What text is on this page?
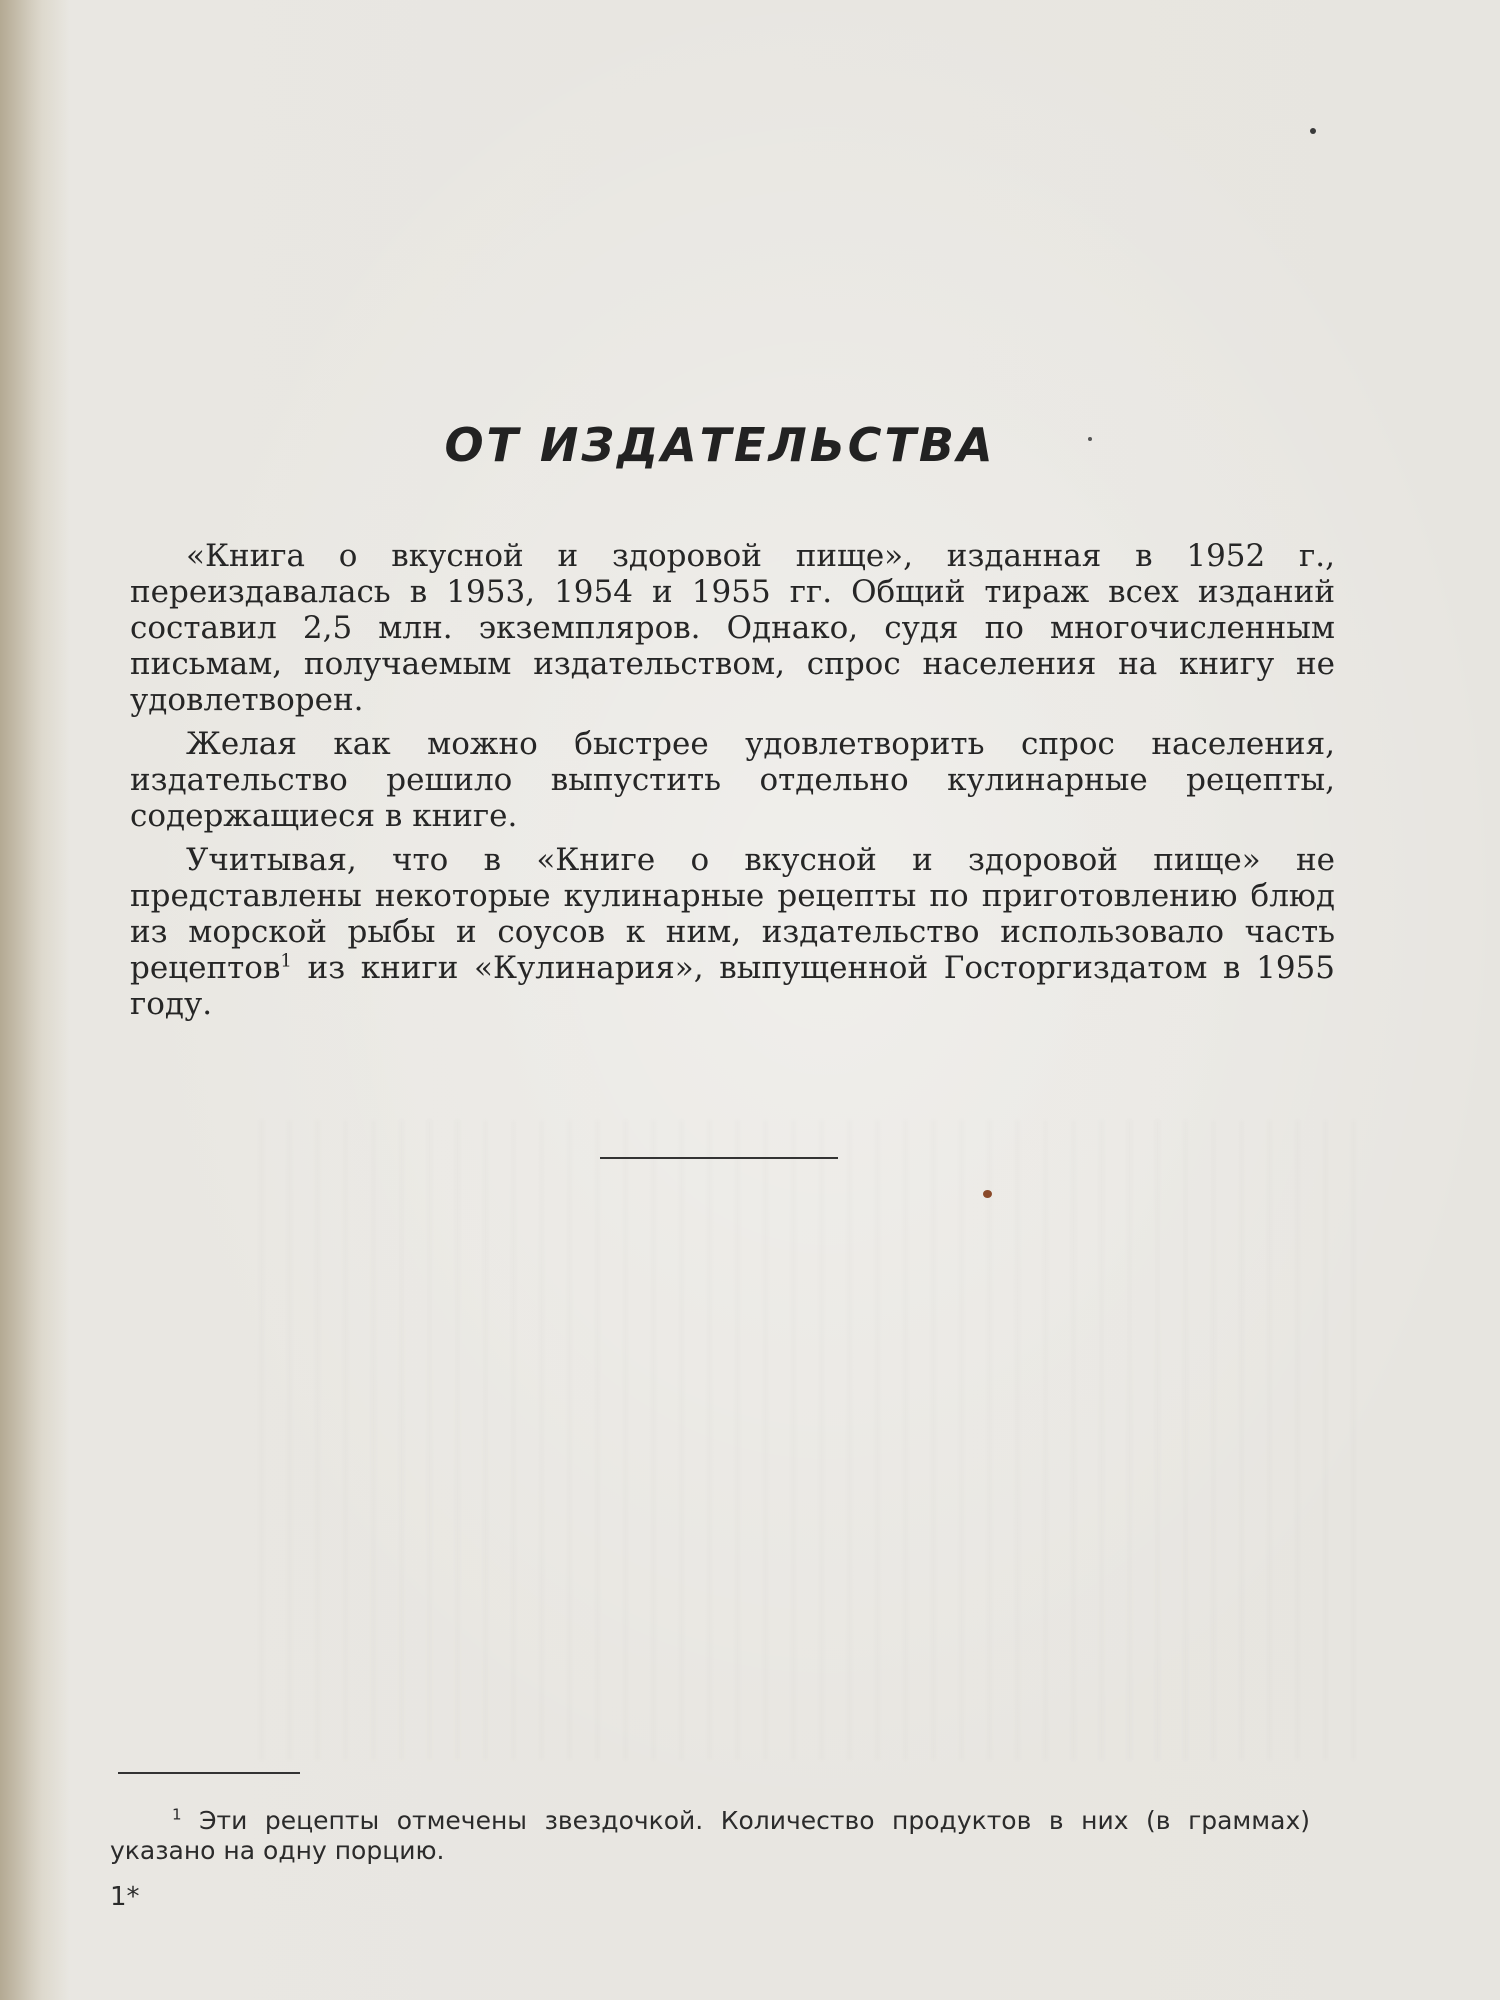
ОТ ИЗДАТЕЛЬСТВА

«Книга о вкусной и здоровой пище», изданная в 1952 г., переиздавалась в 1953, 1954 и 1955 гг. Общий тираж всех изданий составил 2,5 млн. экземпляров. Однако, судя по многочисленным письмам, получаемым издательством, спрос населения на книгу не удовлетворен.

Желая как можно быстрее удовлетворить спрос населения, издательство решило выпустить отдельно кулинарные рецепты, содержащиеся в книге.

Учитывая, что в «Книге о вкусной и здоровой пище» не представлены некоторые кулинарные рецепты по приготовлению блюд из морской рыбы и соусов к ним, издательство использовало часть рецептов$^1$ из книги «Кулинария», выпущенной Госторгиздатом в 1955 году.

$^1$ Эти рецепты отмечены звездочкой. Количество продуктов в них (в граммах) указано на одну порцию.
1*
